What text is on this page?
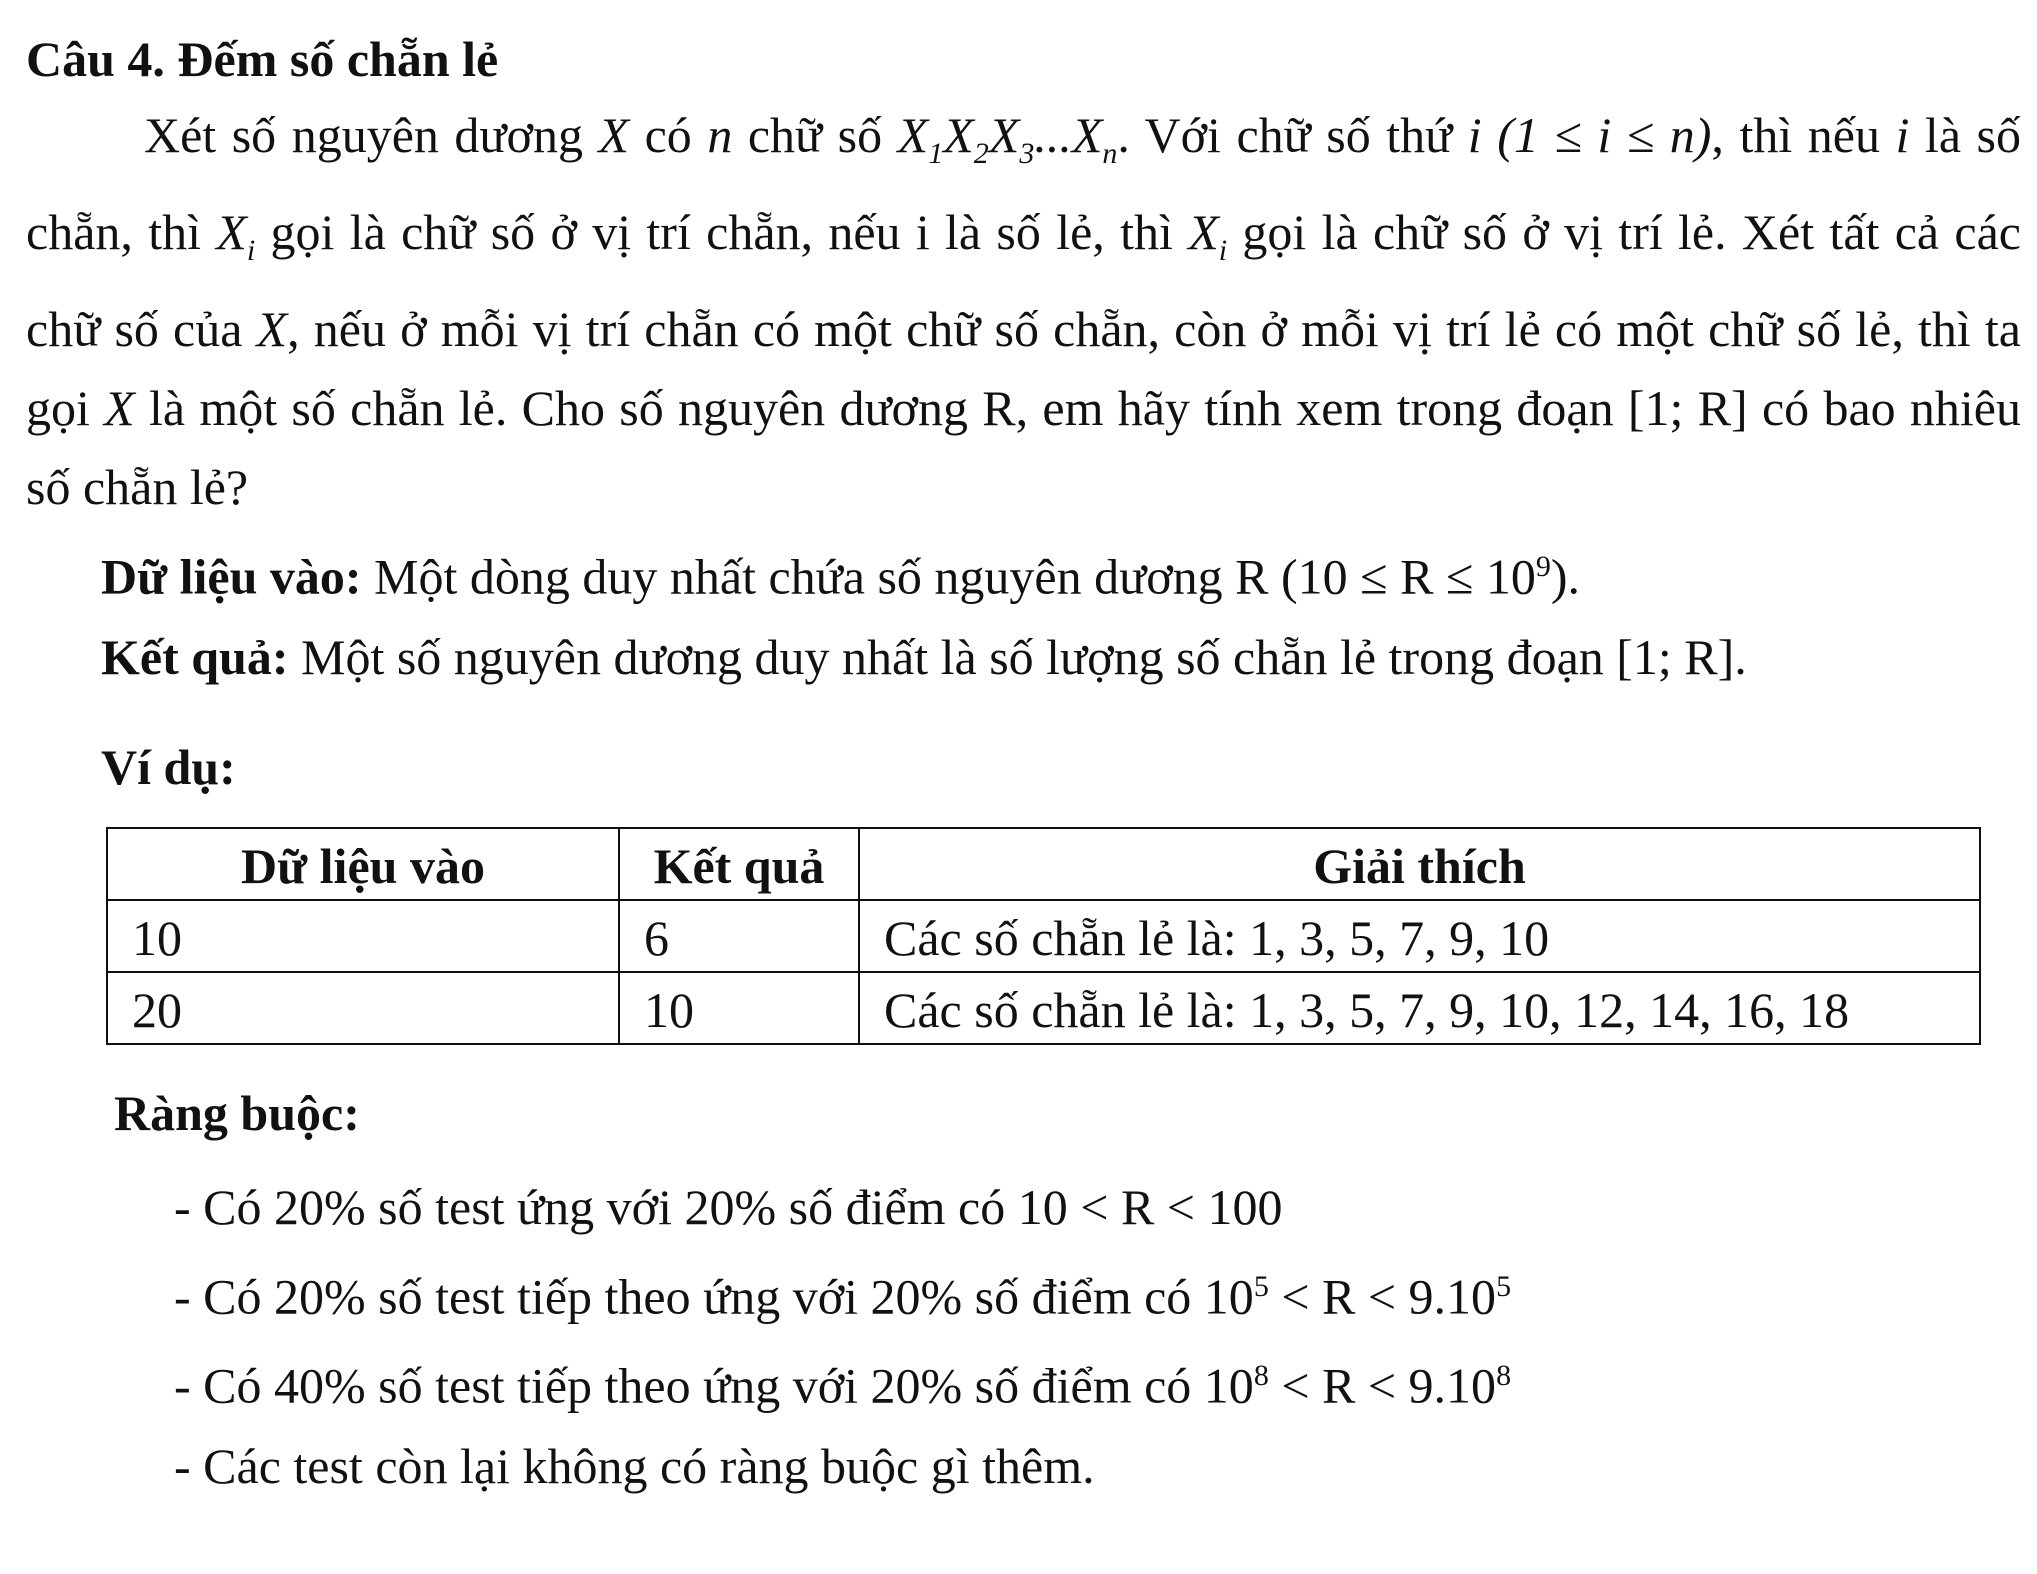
Câu 4. Đếm số chẵn lẻ

Xét số nguyên dương X có n chữ số $X_1X_2X_3...X_n$. Với chữ số thứ i (1 ≤ i ≤ n), thì nếu i là số chẵn, thì $X_i$ gọi là chữ số ở vị trí chẵn, nếu i là số lẻ, thì $X_i$ gọi là chữ số ở vị trí lẻ. Xét tất cả các chữ số của X, nếu ở mỗi vị trí chẵn có một chữ số chẵn, còn ở mỗi vị trí lẻ có một chữ số lẻ, thì ta gọi X là một số chẵn lẻ. Cho số nguyên dương R, em hãy tính xem trong đoạn [1; R] có bao nhiêu số chẵn lẻ?

Dữ liệu vào: Một dòng duy nhất chứa số nguyên dương R $(10 \le R \le 10^9)$.

Kết quả: Một số nguyên dương duy nhất là số lượng số chẵn lẻ trong đoạn [1; R].

Ví dụ:

Dữ liệu vào	Kết quả	Giải thích
10	6	Các số chẵn lẻ là: 1, 3, 5, 7, 9, 10
20	10	Các số chẵn lẻ là: 1, 3, 5, 7, 9, 10, 12, 14, 16, 18

Ràng buộc:

- Có 20% số test ứng với 20% số điểm có 10 < R < 100
- Có 20% số test tiếp theo ứng với 20% số điểm có $10^5 < R < 9.10^5$
- Có 40% số test tiếp theo ứng với 20% số điểm có $10^8 < R < 9.10^8$
- Các test còn lại không có ràng buộc gì thêm.
